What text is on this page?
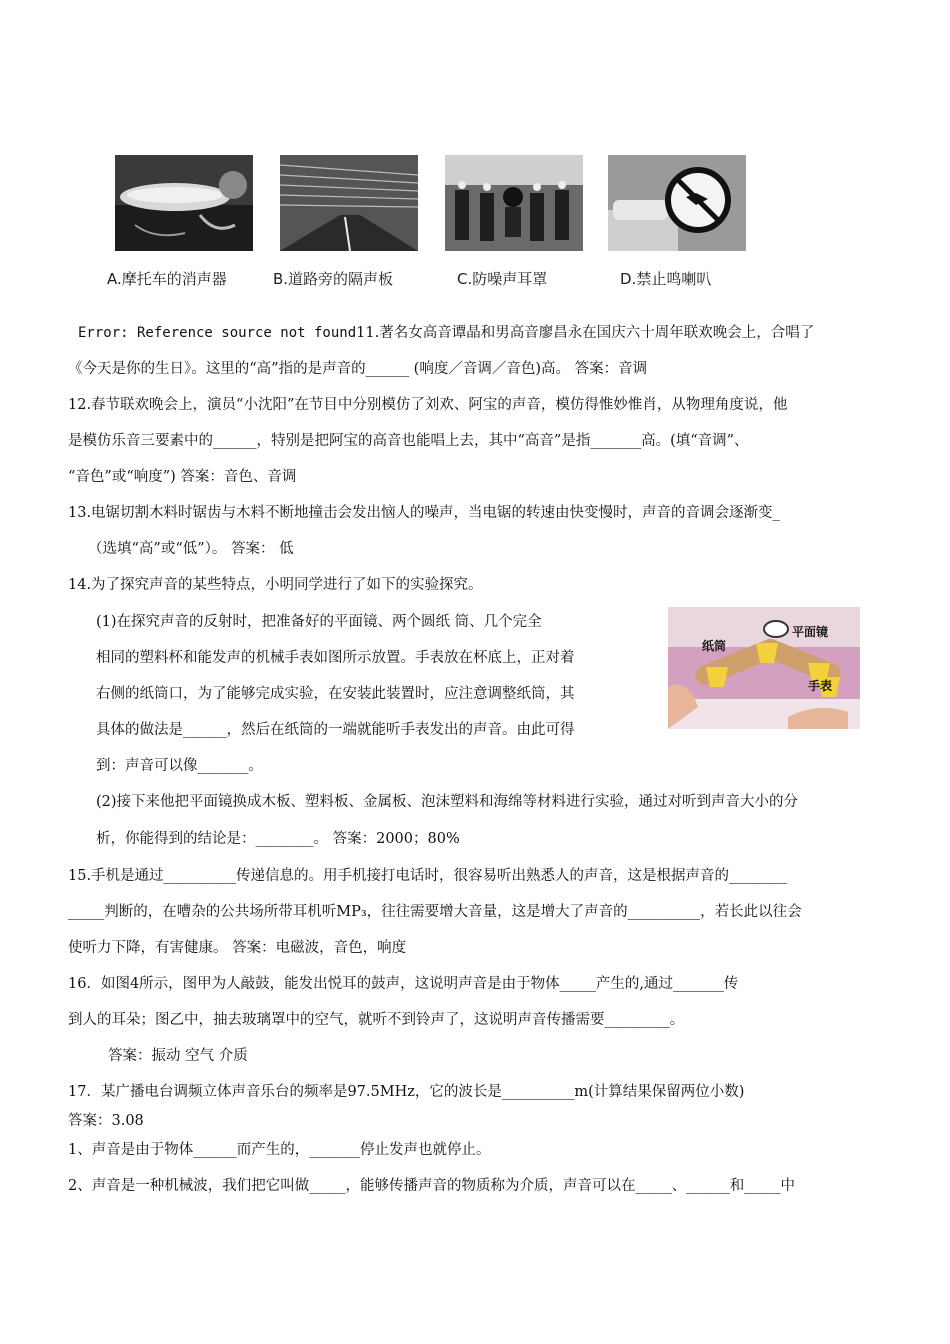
A.摩托车的消声器	B.道路旁的隔声板	C.防噪声耳罩	D.禁止鸣喇叭
Error: Reference source not found11.著名女高音谭晶和男高音廖昌永在国庆六十周年联欢晚会上，合唱了
《今天是你的生日》。这里的“高”指的是声音的______ (响度／音调／音色)高。 答案：音调
12.春节联欢晚会上，演员“小沈阳”在节目中分别模仿了刘欢、阿宝的声音，模仿得惟妙惟肖，从物理角度说，他
是模仿乐音三要素中的______，特别是把阿宝的高音也能唱上去，其中“高音”是指_______高。(填“音调”、
“音色”或“响度”) 答案：音色、音调
13.电锯切割木料时锯齿与木料不断地撞击会发出恼人的噪声，当电锯的转速由快变慢时，声音的音调会逐渐变_
（选填“高”或“低”）。 答案： 低
14.为了探究声音的某些特点，小明同学进行了如下的实验探究。
(1)在探究声音的反射时，把准备好的平面镜、两个圆纸 筒、几个完全
相同的塑料杯和能发声的机械手表如图所示放置。手表放在杯底上，正对着
右侧的纸筒口，为了能够完成实验，在安装此装置时，应注意调整纸筒，其
具体的做法是______，然后在纸筒的一端就能听手表发出的声音。由此可得
到：声音可以像_______。
纸筒
平面镜
手表
(2)接下来他把平面镜换成木板、塑料板、金属板、泡沫塑料和海绵等材料进行实验，通过对听到声音大小的分
析，你能得到的结论是：________。 答案：2000；80%
15.手机是通过__________传递信息的。用手机接打电话时，很容易听出熟悉人的声音，这是根据声音的________
_____判断的，在嘈杂的公共场所带耳机听MP₃，往往需要增大音量，这是增大了声音的__________，若长此以往会
使听力下降，有害健康。 答案：电磁波，音色，响度
16．如图4所示，图甲为人敲鼓，能发出悦耳的鼓声，这说明声音是由于物体_____产生的,通过_______传
到人的耳朵；图乙中，抽去玻璃罩中的空气，就听不到铃声了，这说明声音传播需要_________。
答案：振动 空气 介质
17．某广播电台调频立体声音乐台的频率是97.5MHz，它的波长是__________m(计算结果保留两位小数)
答案：3.08
1、声音是由于物体______而产生的，_______停止发声也就停止。
2、声音是一种机械波，我们把它叫做_____，能够传播声音的物质称为介质，声音可以在_____、______和_____中
